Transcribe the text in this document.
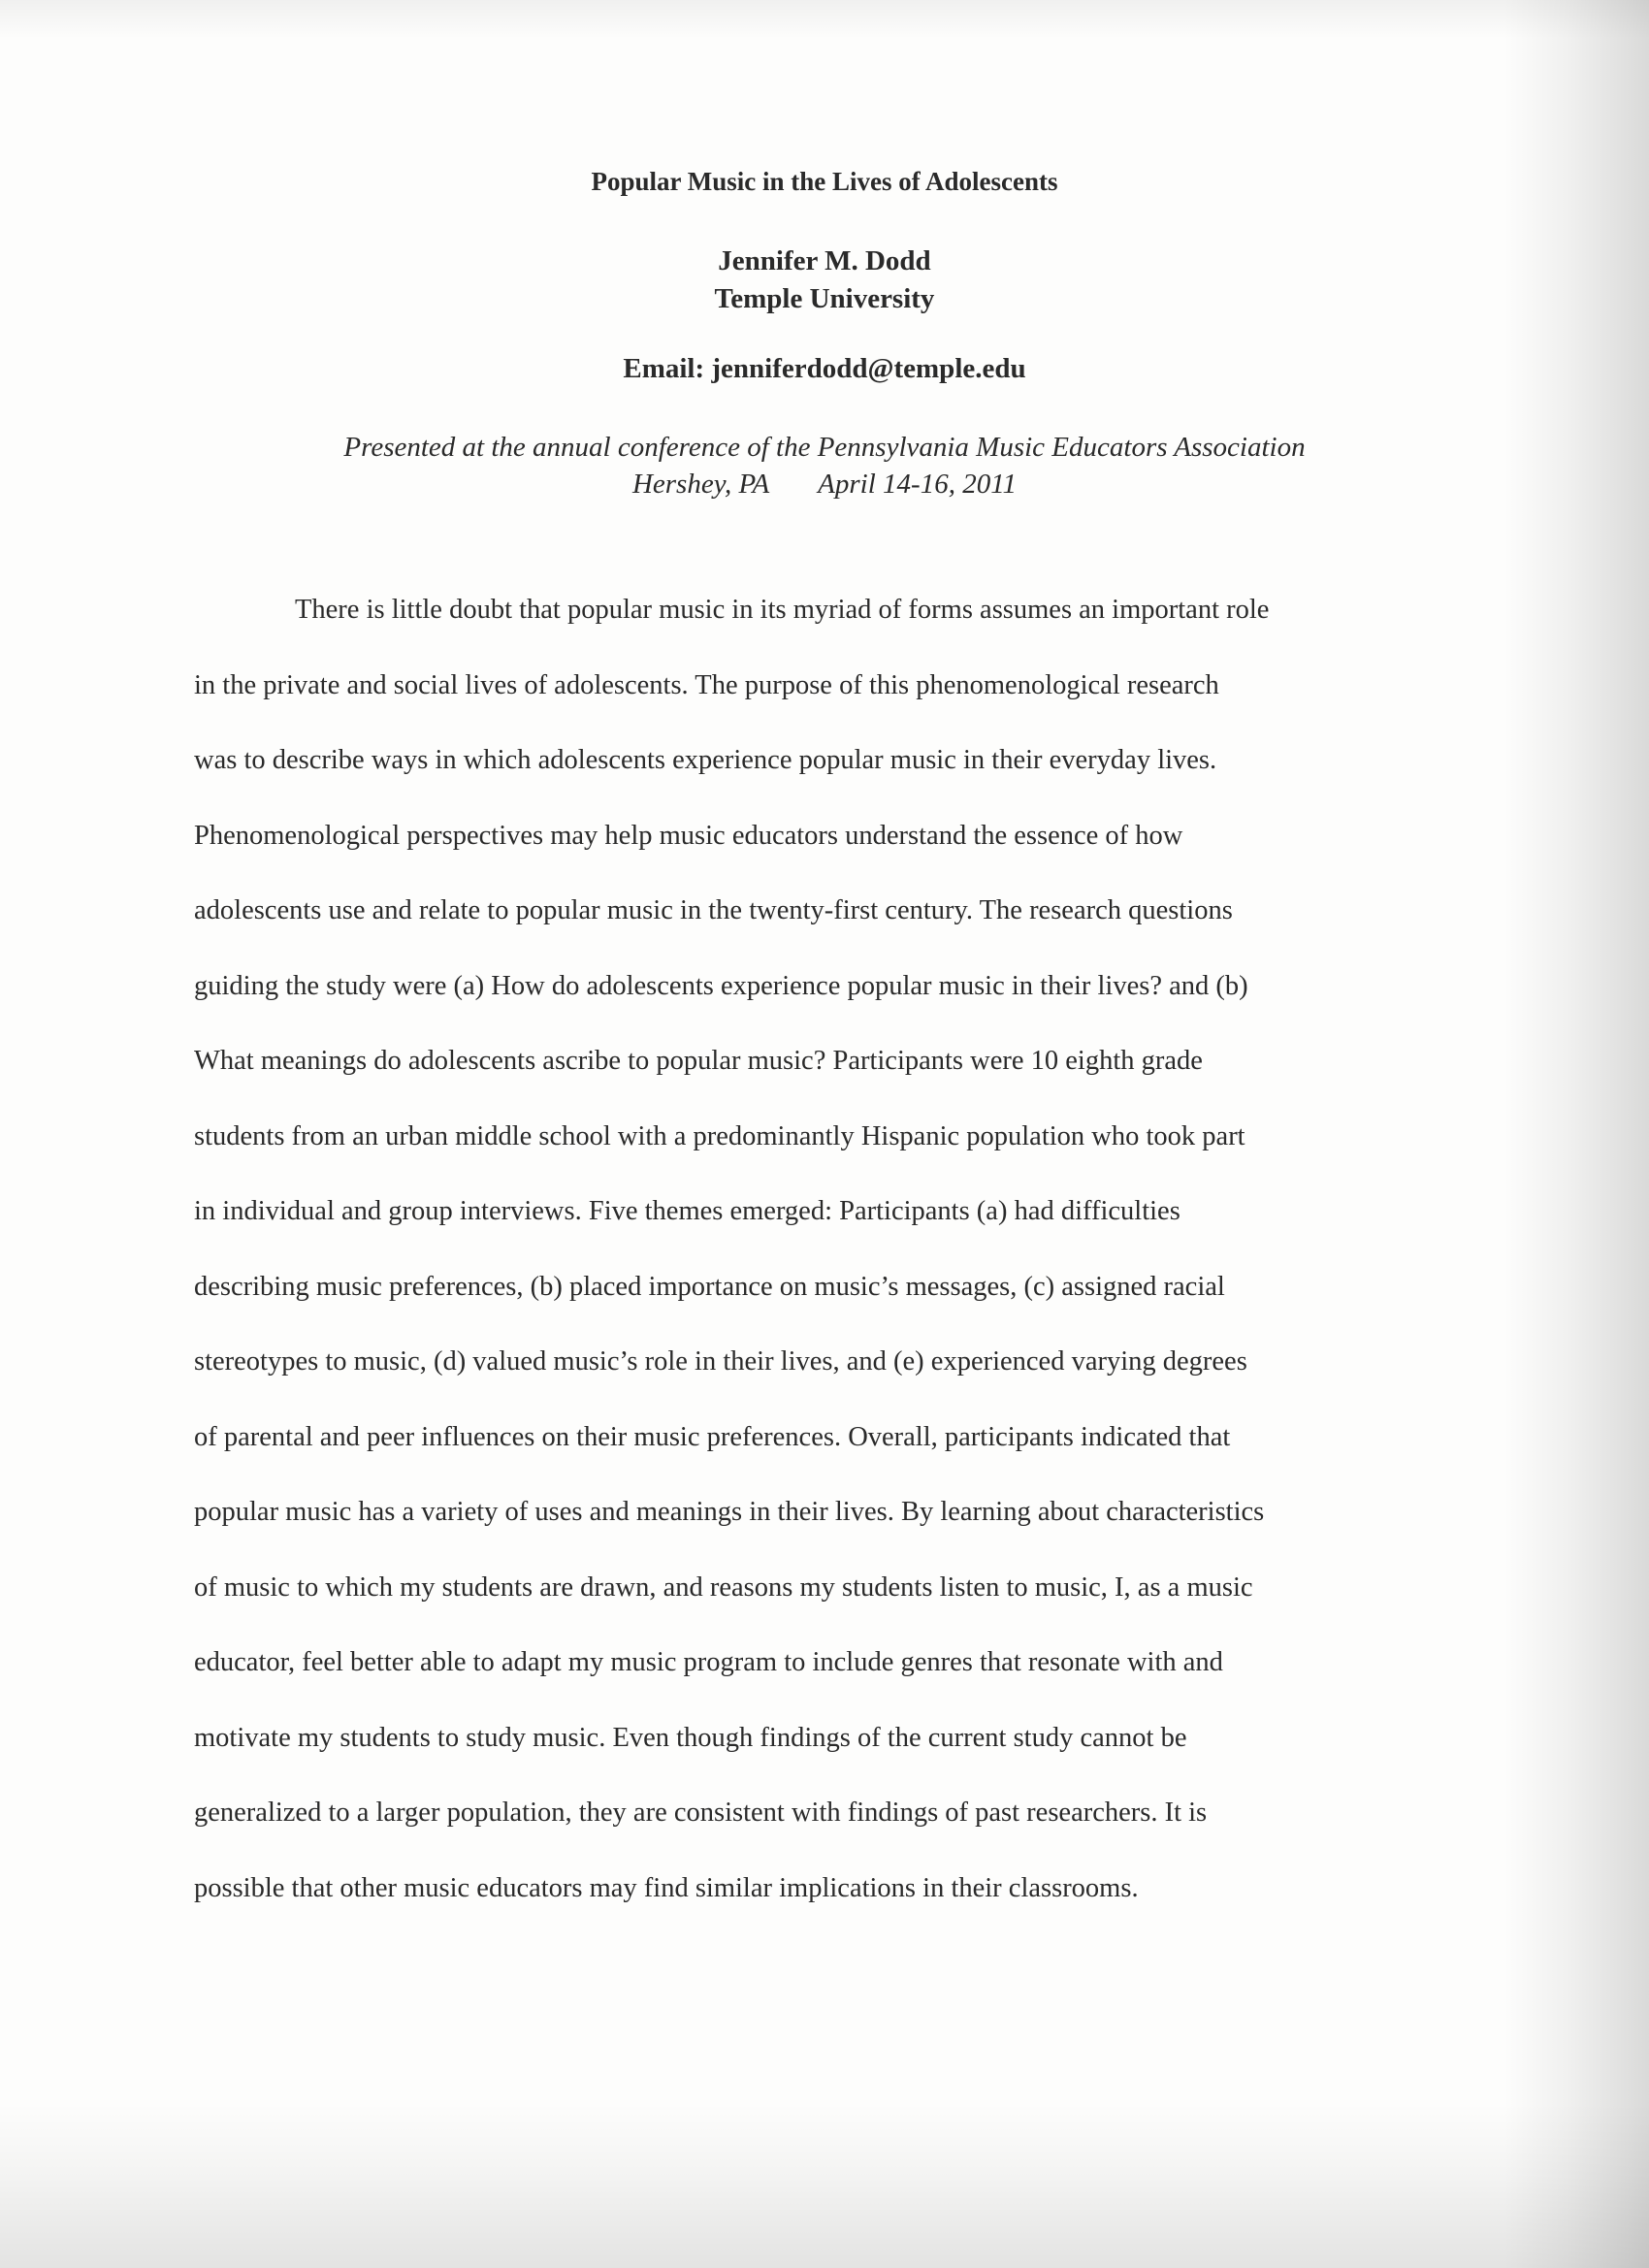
Popular Music in the Lives of Adolescents
Jennifer M. Dodd
Temple University
Email: jenniferdodd@temple.edu
Presented at the annual conference of the Pennsylvania Music Educators Association
Hershey, PA April 14-16, 2011
There is little doubt that popular music in its myriad of forms assumes an important role
in the private and social lives of adolescents. The purpose of this phenomenological research
was to describe ways in which adolescents experience popular music in their everyday lives.
Phenomenological perspectives may help music educators understand the essence of how
adolescents use and relate to popular music in the twenty-first century. The research questions
guiding the study were (a) How do adolescents experience popular music in their lives? and (b)
What meanings do adolescents ascribe to popular music? Participants were 10 eighth grade
students from an urban middle school with a predominantly Hispanic population who took part
in individual and group interviews. Five themes emerged: Participants (a) had difficulties
describing music preferences, (b) placed importance on music’s messages, (c) assigned racial
stereotypes to music, (d) valued music’s role in their lives, and (e) experienced varying degrees
of parental and peer influences on their music preferences. Overall, participants indicated that
popular music has a variety of uses and meanings in their lives. By learning about characteristics
of music to which my students are drawn, and reasons my students listen to music, I, as a music
educator, feel better able to adapt my music program to include genres that resonate with and
motivate my students to study music. Even though findings of the current study cannot be
generalized to a larger population, they are consistent with findings of past researchers. It is
possible that other music educators may find similar implications in their classrooms.
